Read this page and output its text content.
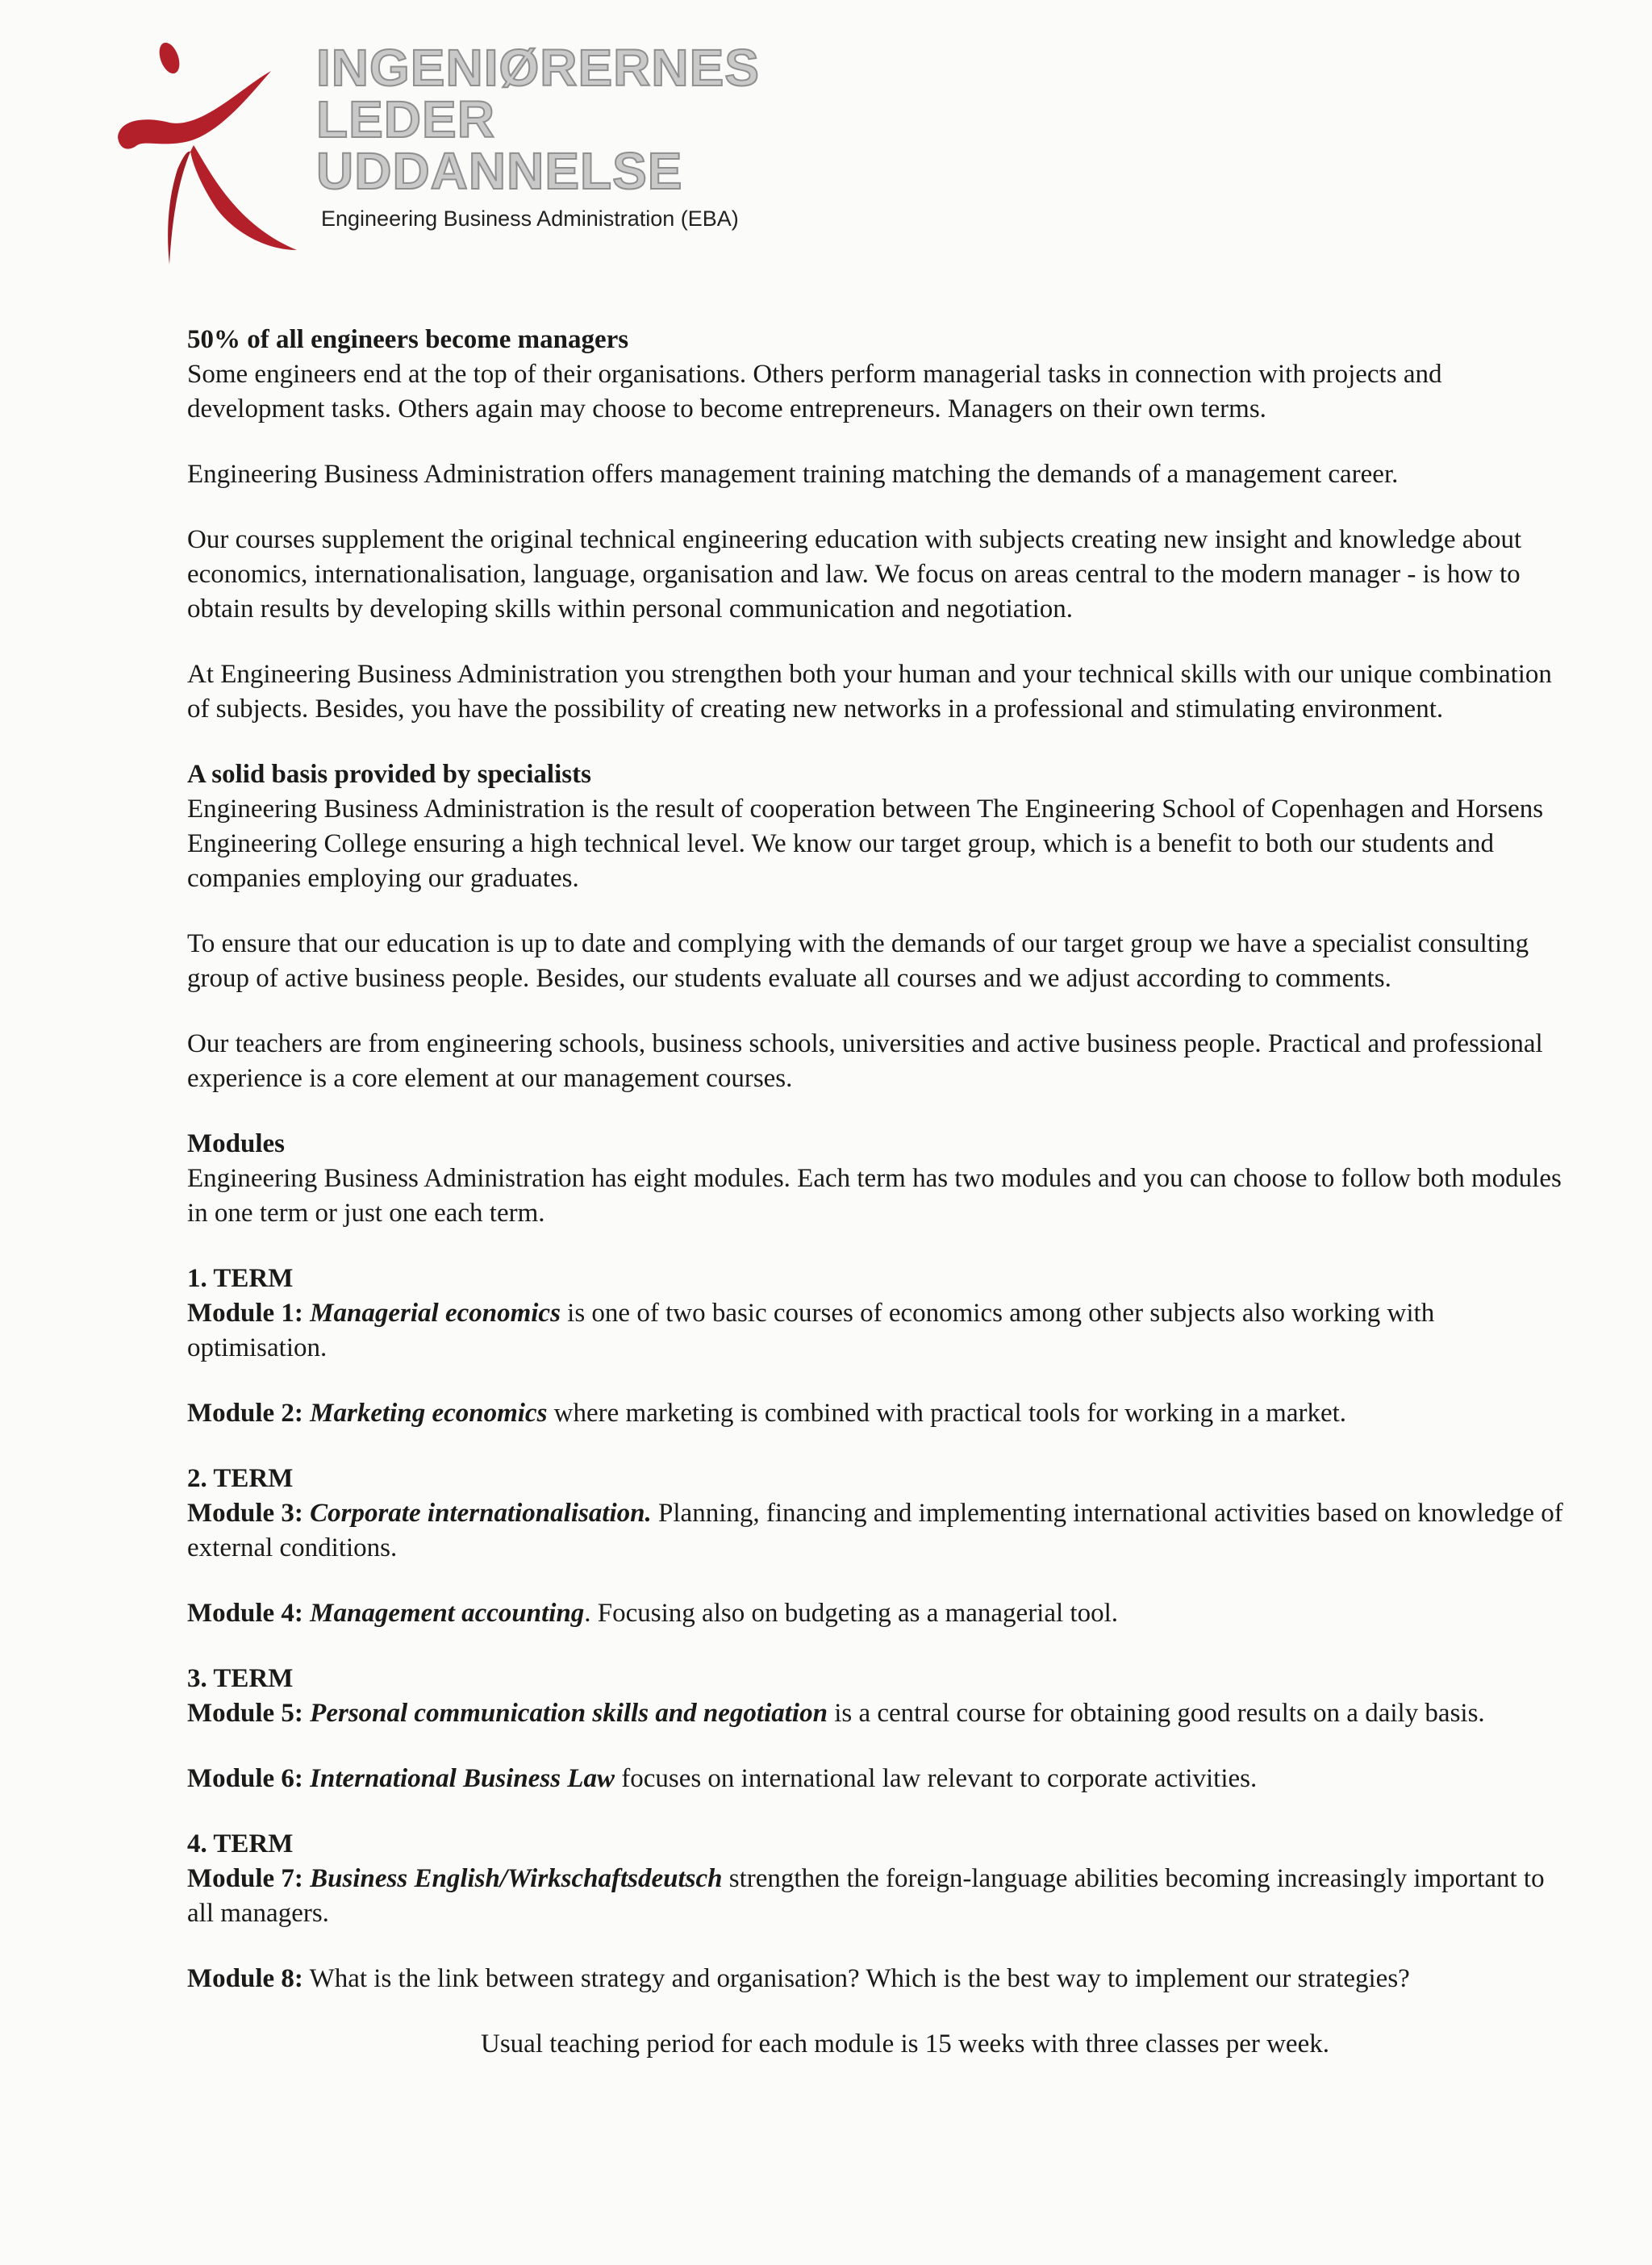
INGENIØRERNES
LEDER
UDDANNELSE
Engineering Business Administration (EBA)

50% of all engineers become managers
Some engineers end at the top of their organisations. Others perform managerial tasks in connection with projects and development tasks. Others again may choose to become entrepreneurs. Managers on their own terms.

Engineering Business Administration offers management training matching the demands of a management career.

Our courses supplement the original technical engineering education with subjects creating new insight and knowledge about economics, internationalisation, language, organisation and law. We focus on areas central to the modern manager - is how to obtain results by developing skills within personal communication and negotiation.

At Engineering Business Administration you strengthen both your human and your technical skills with our unique combination of subjects. Besides, you have the possibility of creating new networks in a professional and stimulating environment.

A solid basis provided by specialists
Engineering Business Administration is the result of cooperation between The Engineering School of Copenhagen and Horsens Engineering College ensuring a high technical level. We know our target group, which is a benefit to both our students and companies employing our graduates.

To ensure that our education is up to date and complying with the demands of our target group we have a specialist consulting group of active business people. Besides, our students evaluate all courses and we adjust according to comments.

Our teachers are from engineering schools, business schools, universities and active business people. Practical and professional experience is a core element at our management courses.

Modules
Engineering Business Administration has eight modules. Each term has two modules and you can choose to follow both modules in one term or just one each term.

1. TERM
Module 1: Managerial economics is one of two basic courses of economics among other subjects also working with optimisation.
Module 2: Marketing economics where marketing is combined with practical tools for working in a market.
2. TERM
Module 3: Corporate internationalisation. Planning, financing and implementing international activities based on knowledge of external conditions.
Module 4: Management accounting. Focusing also on budgeting as a managerial tool.
3. TERM
Module 5: Personal communication skills and negotiation is a central course for obtaining good results on a daily basis.
Module 6: International Business Law focuses on international law relevant to corporate activities.
4. TERM
Module 7: Business English/Wirkschaftsdeutsch strengthen the foreign-language abilities becoming increasingly important to all managers.
Module 8: What is the link between strategy and organisation? Which is the best way to implement our strategies?
Usual teaching period for each module is 15 weeks with three classes per week.
